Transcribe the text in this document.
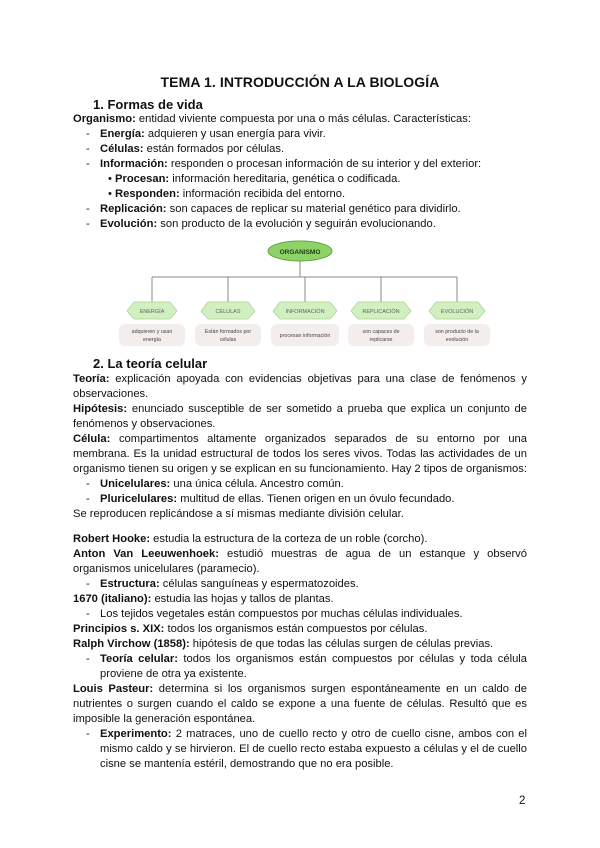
TEMA 1. INTRODUCCIÓN A LA BIOLOGÍA
1. Formas de vida
Organismo: entidad viviente compuesta por una o más células. Características:
- Energía: adquieren y usan energía para vivir.
- Células: están formados por células.
- Información: responden o procesan información de su interior y del exterior:
• Procesan: información hereditaria, genética o codificada.
• Responden: información recibida del entorno.
- Replicación: son capaces de replicar su material genético para dividirlo.
- Evolución: son producto de la evolución y seguirán evolucionando.
ORGANISMO
ENERGÍA
adquieren y usan
energía
CÉLULAS
Están formados por
células
INFORMACIÓN
procesan información
REPLICACIÓN
son capaces de
replicarse
EVOLUCIÓN
son producto de la
evolución
2. La teoría celular
Teoría: explicación apoyada con evidencias objetivas para una clase de fenómenos y
observaciones.
Hipótesis: enunciado susceptible de ser sometido a prueba que explica un conjunto de
fenómenos y observaciones.
Célula: compartimentos altamente organizados separados de su entorno por una
membrana. Es la unidad estructural de todos los seres vivos. Todas las actividades de un
organismo tienen su origen y se explican en su funcionamiento. Hay 2 tipos de organismos:
- Unicelulares: una única célula. Ancestro común.
- Pluricelulares: multitud de ellas. Tienen origen en un óvulo fecundado.
Se reproducen replicándose a sí mismas mediante división celular.
Robert Hooke: estudia la estructura de la corteza de un roble (corcho).
Anton Van Leeuwenhoek: estudió muestras de agua de un estanque y observó
organismos unicelulares (paramecio).
- Estructura: células sanguíneas y espermatozoides.
1670 (italiano): estudia las hojas y tallos de plantas.
- Los tejidos vegetales están compuestos por muchas células individuales.
Principios s. XIX: todos los organismos están compuestos por células.
Ralph Virchow (1858): hipótesis de que todas las células surgen de células previas.
- Teoría celular: todos los organismos están compuestos por células y toda célula
proviene de otra ya existente.
Louis Pasteur: determina si los organismos surgen espontáneamente en un caldo de
nutrientes o surgen cuando el caldo se expone a una fuente de células. Resultó que es
imposible la generación espontánea.
- Experimento: 2 matraces, uno de cuello recto y otro de cuello cisne, ambos con el
mismo caldo y se hirvieron. El de cuello recto estaba expuesto a células y el de cuello
cisne se mantenía estéril, demostrando que no era posible.
2
